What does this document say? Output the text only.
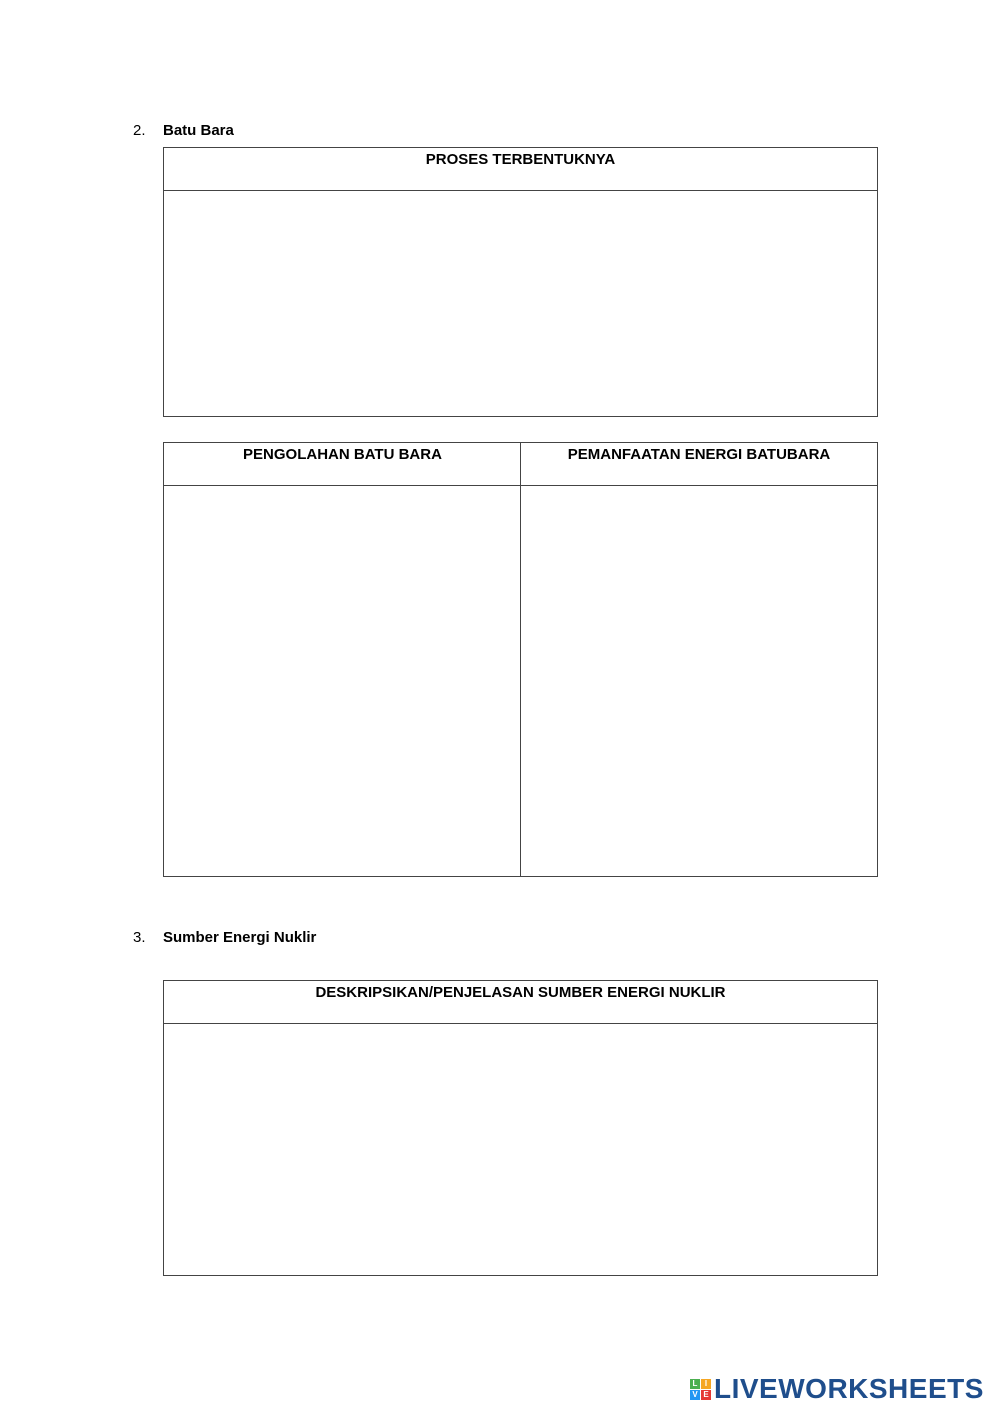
2. Batu Bara
PROSES TERBENTUKNYA
PENGOLAHAN BATU BARA	PEMANFAATAN ENERGI BATUBARA
3. Sumber Energi Nuklir
DESKRIPSIKAN/PENJELASAN SUMBER ENERGI NUKLIR
L I
V E LIVEWORKSHEETS
